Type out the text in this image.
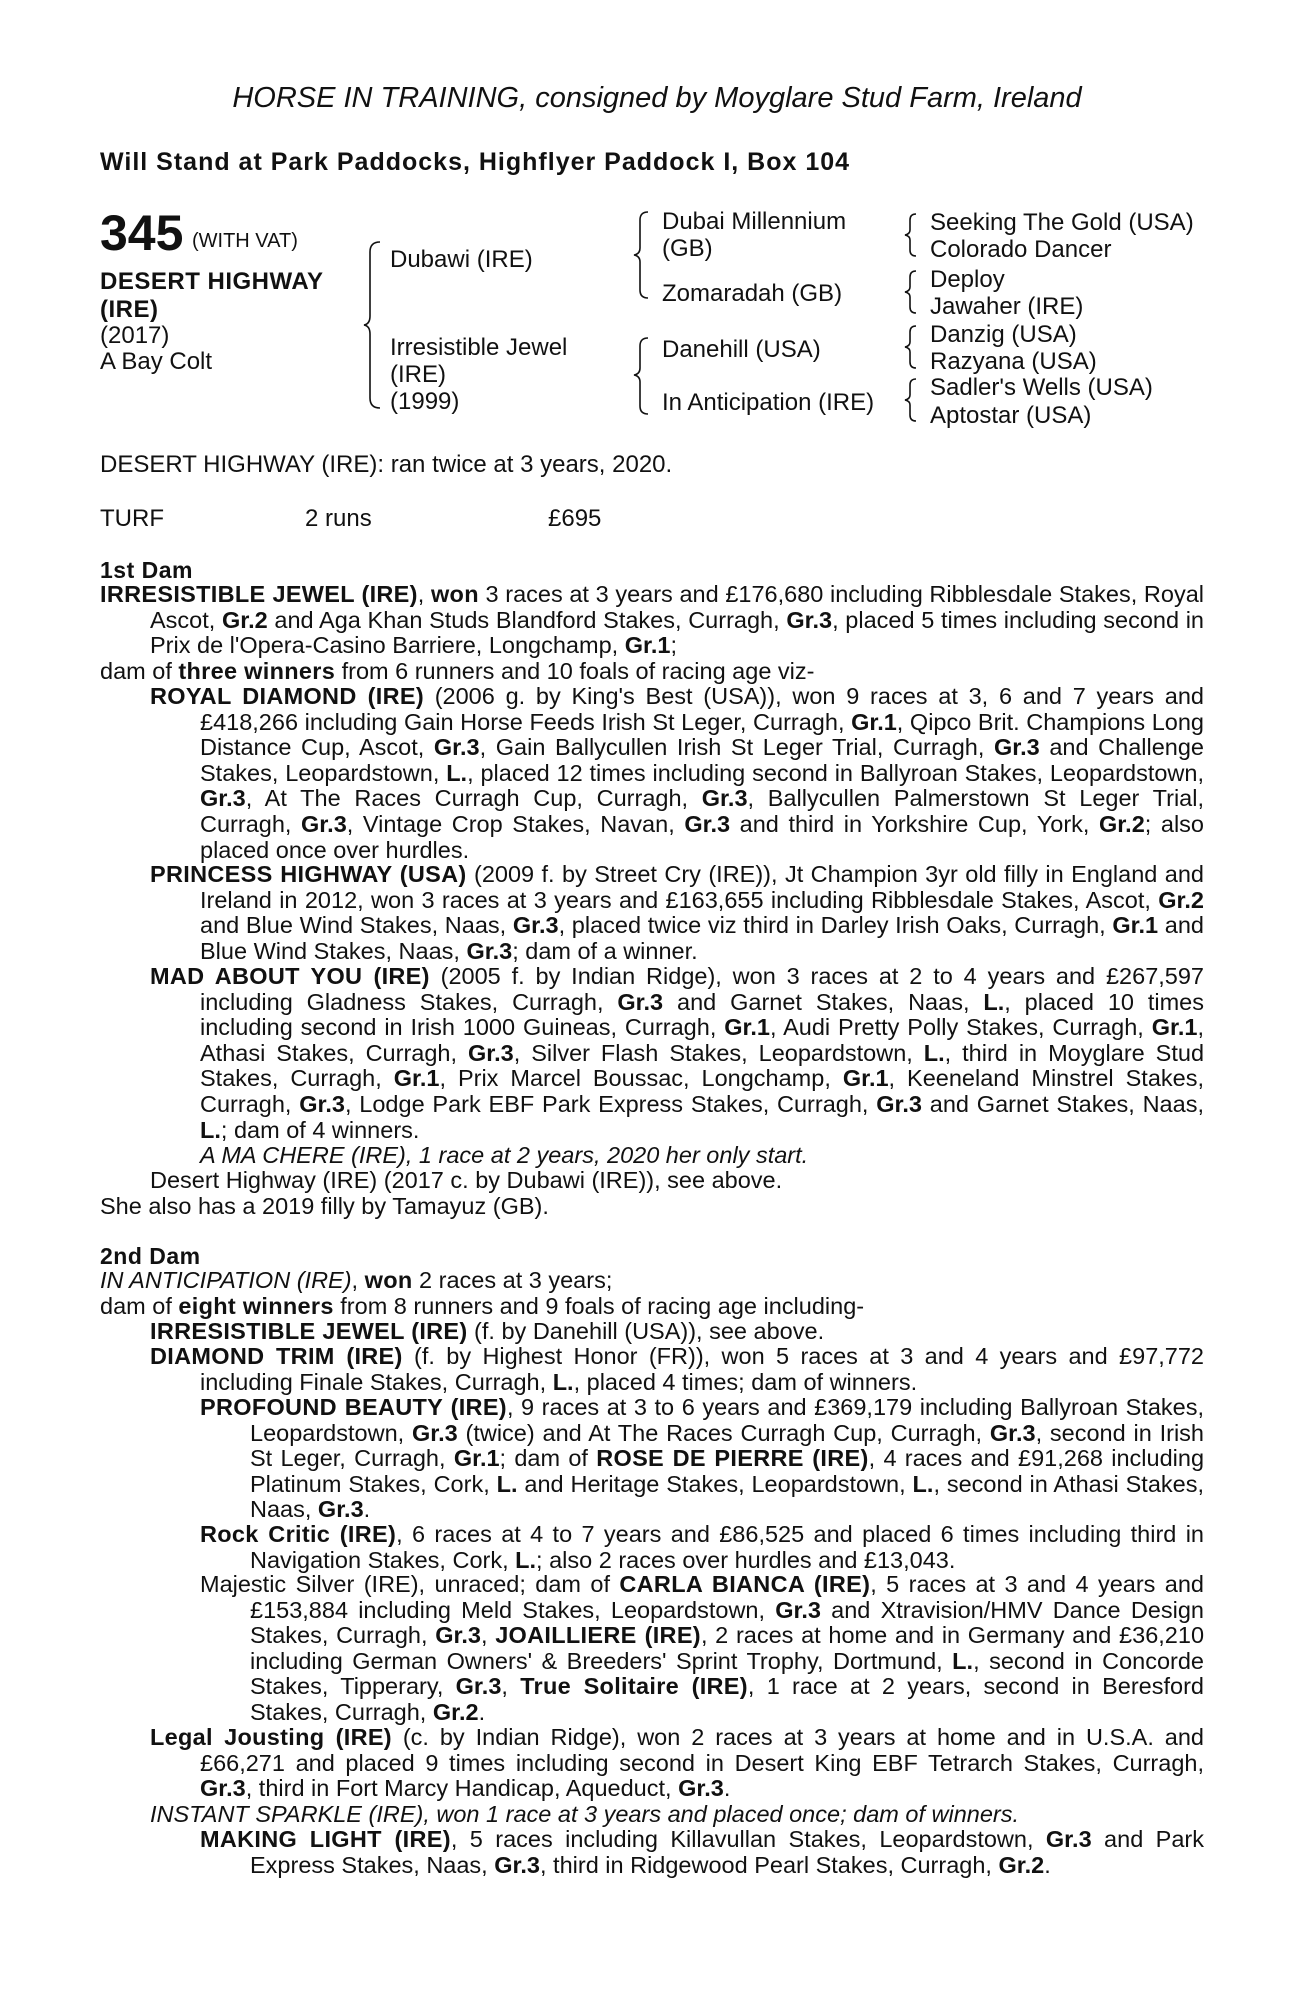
HORSE IN TRAINING, consigned by Moyglare Stud Farm, Ireland
Will Stand at Park Paddocks, Highflyer Paddock I, Box 104
345 (WITH VAT)
DESERT HIGHWAY
(IRE)
(2017)
A Bay Colt
Dubawi (IRE)
Irresistible Jewel
(IRE)
(1999)
Dubai Millennium
(GB)
Zomaradah (GB)
Danehill (USA)
In Anticipation (IRE)
Seeking The Gold (USA)
Colorado Dancer
Deploy
Jawaher (IRE)
Danzig (USA)
Razyana (USA)
Sadler's Wells (USA)
Aptostar (USA)
DESERT HIGHWAY (IRE): ran twice at 3 years, 2020.
TURF	2 runs	£695
1st Dam
IRRESISTIBLE JEWEL (IRE), won 3 races at 3 years and £176,680 including Ribblesdale Stakes, Royal Ascot, Gr.2 and Aga Khan Studs Blandford Stakes, Curragh, Gr.3, placed 5 times including second in Prix de l'Opera-Casino Barriere, Longchamp, Gr.1;
dam of three winners from 6 runners and 10 foals of racing age viz-
ROYAL DIAMOND (IRE) (2006 g. by King's Best (USA)), won 9 races at 3, 6 and 7 years and £418,266 including Gain Horse Feeds Irish St Leger, Curragh, Gr.1, Qipco Brit. Champions Long Distance Cup, Ascot, Gr.3, Gain Ballycullen Irish St Leger Trial, Curragh, Gr.3 and Challenge Stakes, Leopardstown, L., placed 12 times including second in Ballyroan Stakes, Leopardstown, Gr.3, At The Races Curragh Cup, Curragh, Gr.3, Ballycullen Palmerstown St Leger Trial, Curragh, Gr.3, Vintage Crop Stakes, Navan, Gr.3 and third in Yorkshire Cup, York, Gr.2; also placed once over hurdles.
PRINCESS HIGHWAY (USA) (2009 f. by Street Cry (IRE)), Jt Champion 3yr old filly in England and Ireland in 2012, won 3 races at 3 years and £163,655 including Ribblesdale Stakes, Ascot, Gr.2 and Blue Wind Stakes, Naas, Gr.3, placed twice viz third in Darley Irish Oaks, Curragh, Gr.1 and Blue Wind Stakes, Naas, Gr.3; dam of a winner.
MAD ABOUT YOU (IRE) (2005 f. by Indian Ridge), won 3 races at 2 to 4 years and £267,597 including Gladness Stakes, Curragh, Gr.3 and Garnet Stakes, Naas, L., placed 10 times including second in Irish 1000 Guineas, Curragh, Gr.1, Audi Pretty Polly Stakes, Curragh, Gr.1, Athasi Stakes, Curragh, Gr.3, Silver Flash Stakes, Leopardstown, L., third in Moyglare Stud Stakes, Curragh, Gr.1, Prix Marcel Boussac, Longchamp, Gr.1, Keeneland Minstrel Stakes, Curragh, Gr.3, Lodge Park EBF Park Express Stakes, Curragh, Gr.3 and Garnet Stakes, Naas, L.; dam of 4 winners.
A MA CHERE (IRE), 1 race at 2 years, 2020 her only start.
Desert Highway (IRE) (2017 c. by Dubawi (IRE)), see above.
She also has a 2019 filly by Tamayuz (GB).
2nd Dam
IN ANTICIPATION (IRE), won 2 races at 3 years;
dam of eight winners from 8 runners and 9 foals of racing age including-
IRRESISTIBLE JEWEL (IRE) (f. by Danehill (USA)), see above.
DIAMOND TRIM (IRE) (f. by Highest Honor (FR)), won 5 races at 3 and 4 years and £97,772 including Finale Stakes, Curragh, L., placed 4 times; dam of winners.
PROFOUND BEAUTY (IRE), 9 races at 3 to 6 years and £369,179 including Ballyroan Stakes, Leopardstown, Gr.3 (twice) and At The Races Curragh Cup, Curragh, Gr.3, second in Irish St Leger, Curragh, Gr.1; dam of ROSE DE PIERRE (IRE), 4 races and £91,268 including Platinum Stakes, Cork, L. and Heritage Stakes, Leopardstown, L., second in Athasi Stakes, Naas, Gr.3.
Rock Critic (IRE), 6 races at 4 to 7 years and £86,525 and placed 6 times including third in Navigation Stakes, Cork, L.; also 2 races over hurdles and £13,043.
Majestic Silver (IRE), unraced; dam of CARLA BIANCA (IRE), 5 races at 3 and 4 years and £153,884 including Meld Stakes, Leopardstown, Gr.3 and Xtravision/HMV Dance Design Stakes, Curragh, Gr.3, JOAILLIERE (IRE), 2 races at home and in Germany and £36,210 including German Owners' & Breeders' Sprint Trophy, Dortmund, L., second in Concorde Stakes, Tipperary, Gr.3, True Solitaire (IRE), 1 race at 2 years, second in Beresford Stakes, Curragh, Gr.2.
Legal Jousting (IRE) (c. by Indian Ridge), won 2 races at 3 years at home and in U.S.A. and £66,271 and placed 9 times including second in Desert King EBF Tetrarch Stakes, Curragh, Gr.3, third in Fort Marcy Handicap, Aqueduct, Gr.3.
INSTANT SPARKLE (IRE), won 1 race at 3 years and placed once; dam of winners.
MAKING LIGHT (IRE), 5 races including Killavullan Stakes, Leopardstown, Gr.3 and Park Express Stakes, Naas, Gr.3, third in Ridgewood Pearl Stakes, Curragh, Gr.2.
